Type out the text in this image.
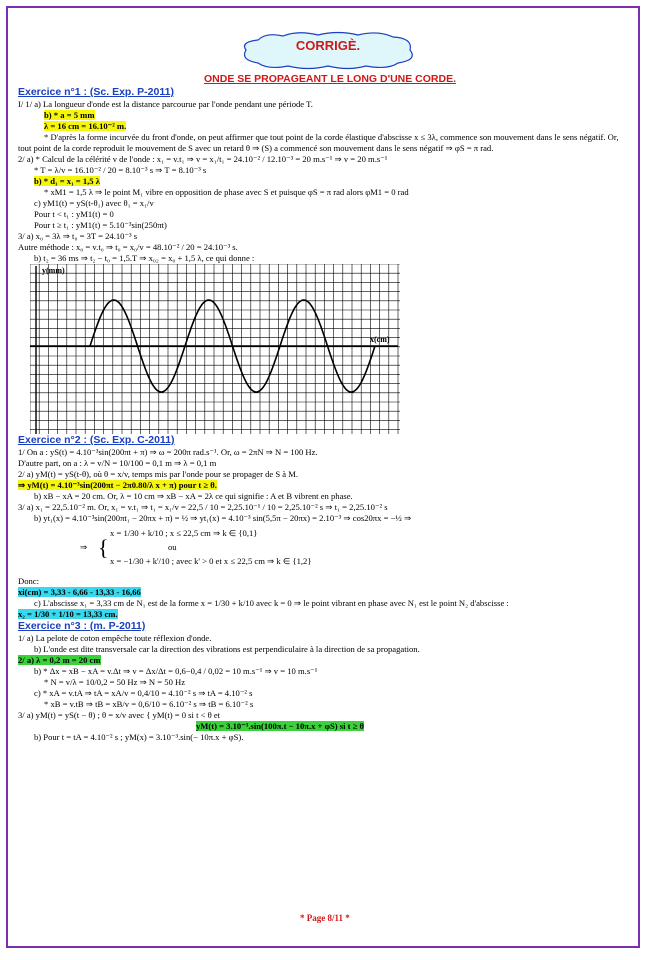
CORRIGÈ.
ONDE SE PROPAGEANT LE LONG D'UNE CORDE.
Exercice n°1 : (Sc. Exp. P-2011)
I/ 1/ a) La longueur d'onde est la distance parcourue par l'onde pendant une période T.
b) * a = 5 mm
λ = 16 cm = 16.10⁻² m.
* D'après la forme incurvée du front d'onde, on peut affirmer que tout point de la corde élastique d'abscisse x ≤ 3λ, commence son mouvement dans le sens négatif. Or, tout point de la corde reproduit le mouvement de S avec un retard θ ⇒ (S) a commencé son mouvement dans le sens négatif ⇒ φS = π rad.
2/ a) * Calcul de la célérité v de l'onde : x₁ = v.t₁ ⇒ v = x₁/t₁ = 24.10⁻² / 12.10⁻³ = 20 m.s⁻¹ ⇒ v = 20 m.s⁻¹
* T = λ/v = 16.10⁻² / 20 = 8.10⁻³ s ⇒ T = 8.10⁻³ s
b) * d₁ = x₁ = 1,5 λ
* xM1 = 1,5 λ ⇒ le point M₁ vibre en opposition de phase avec S et puisque φS = π rad alors φM1 = 0 rad
c) yM1(t) = yS(t-θ₁) avec θ₁ = x₁/v
Pour t < t₁ : yM1(t) = 0
Pour t ≥ t₁ : yM1(t) = 5.10⁻³sin(250πt)
3/ a) x₀ = 3λ ⇒ t₀ = 3T = 24.10⁻³ s
Autre méthode : x₀ = v.t₀ ⇒ t₀ = x₀/v = 48.10⁻² / 20 = 24.10⁻³ s.
b) t₂ = 36 ms ⇒ t₂ − t₀ = 1,5.T ⇒ x₀₂ = x₀ + 1,5 λ, ce qui donne :
y(mm)
x(cm)
Exercice n°2 : (Sc. Exp. C-2011)
1/ On a : yS(t) = 4.10⁻³sin(200πt + π) ⇒ ω = 200π rad.s⁻¹. Or, ω = 2πN ⇒ N = 100 Hz.
D'autre part, on a : λ = v/N = 10/100 = 0,1 m ⇒ λ = 0,1 m
2/ a) yM(t) = yS(t-θ), où θ = x/v, temps mis par l'onde pour se propager de S à M.
⇒ yM(t) = 4.10⁻³sin(200πt − 2π0.80/λ x + π) pour t ≥ θ.
b) xB − xA = 20 cm. Or, λ = 10 cm ⇒ xB − xA = 2λ ce qui signifie : A et B vibrent en phase.
3/ a) x₁ = 22,5.10⁻² m. Or, x₁ = v.t₁ ⇒ t₁ = x₁/v = 22,5 / 10 = 2,25.10⁻¹ / 10 = 2,25.10⁻² s ⇒ t₁ = 2,25.10⁻² s
b) yt₁(x) = 4.10⁻³sin(200πt₁ − 20πx + π) = ½ ⇒ yt₁(x) = 4.10⁻³ sin(5,5π − 20πx) = 2.10⁻³ ⇒ cos20πx = −½ ⇒
{
x = 1/30 + k/10 ; x ≤ 22,5 cm ⇒ k ∈ {0,1}
ou
x = −1/30 + k'/10 ; avec k' > 0 et x ≤ 22,5 cm ⇒ k ∈ {1,2}
⇒
Donc:
xi(cm) = 3,33 - 6,66 - 13,33 - 16,66
c) L'abscisse x₁ = 3,33 cm de N₁ est de la forme x = 1/30 + k/10 avec k = 0 ⇒ le point vibrant en phase avec N₁ est le point N₂ d'abscisse :
x₂ = 1/30 + 1/10 = 13,33 cm.
Exercice n°3 : (m. P-2011)
1/ a) La pelote de coton empêche toute réflexion d'onde.
b) L'onde est dite transversale car la direction des vibrations est perpendiculaire à la direction de sa propagation.
2/ a) λ = 0,2 m = 20 cm
b) * Δx = xB − xA = v.Δt ⇒ v = Δx/Δt = 0,6−0,4 / 0,02 = 10 m.s⁻¹ ⇒ v = 10 m.s⁻¹
* N = v/λ = 10/0,2 = 50 Hz ⇒ N = 50 Hz
c) * xA = v.tA ⇒ tA = xA/v = 0,4/10 = 4.10⁻² s ⇒ tA = 4.10⁻² s
* xB = v.tB ⇒ tB = xB/v = 0,6/10 = 6.10⁻² s ⇒ tB = 6.10⁻² s
3/ a) yM(t) = yS(t − θ) ; θ = x/v avec { yM(t) = 0 si t < θ et
yM(t) = 3.10⁻³.sin(100π.t − 10π.x + φS) si t ≥ θ
b) Pour t = tA = 4.10⁻² s ; yM(x) = 3.10⁻³.sin(− 10π.x + φS).
* Page 8/11 *
